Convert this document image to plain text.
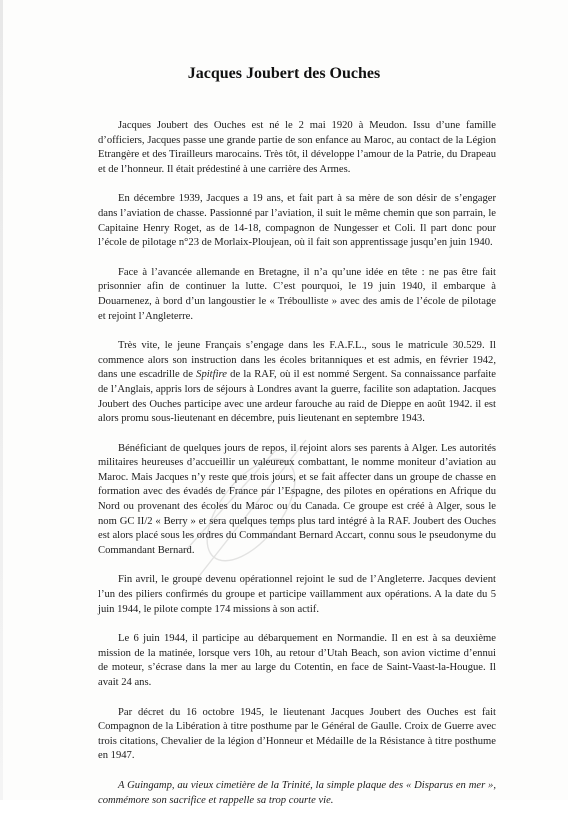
Jacques Joubert des Ouches

Jacques Joubert des Ouches est né le 2 mai 1920 à Meudon. Issu d’une famille d’officiers, Jacques passe une grande partie de son enfance au Maroc, au contact de la Légion Etrangère et des Tirailleurs marocains. Très tôt, il développe l’amour de la Patrie, du Drapeau et de l’honneur. Il était prédestiné à une carrière des Armes.

En décembre 1939, Jacques a 19 ans, et fait part à sa mère de son désir de s’engager dans l’aviation de chasse. Passionné par l’aviation, il suit le même chemin que son parrain, le Capitaine Henry Roget, as de 14-18, compagnon de Nungesser et Coli. Il part donc pour l’école de pilotage n°23 de Morlaix-Ploujean, où il fait son apprentissage jusqu’en juin 1940.

Face à l’avancée allemande en Bretagne, il n’a qu’une idée en tête : ne pas être fait prisonnier afin de continuer la lutte. C’est pourquoi, le 19 juin 1940, il embarque à Douarnenez, à bord d’un langoustier le « Tréboulliste » avec des amis de l’école de pilotage et rejoint l’Angleterre.

Très vite, le jeune Français s’engage dans les F.A.F.L., sous le matricule 30.529. Il commence alors son instruction dans les écoles britanniques et est admis, en février 1942, dans une escadrille de Spitfire de la RAF, où il est nommé Sergent. Sa connaissance parfaite de l’Anglais, appris lors de séjours à Londres avant la guerre, facilite son adaptation. Jacques Joubert des Ouches participe avec une ardeur farouche au raid de Dieppe en août 1942. il est alors promu sous-lieutenant en décembre, puis lieutenant en septembre 1943.

Bénéficiant de quelques jours de repos, il rejoint alors ses parents à Alger. Les autorités militaires heureuses d’accueillir un valeureux combattant, le nomme moniteur d’aviation au Maroc. Mais Jacques n’y reste que trois jours, et se fait affecter dans un groupe de chasse en formation avec des évadés de France par l’Espagne, des pilotes en opérations en Afrique du Nord ou provenant des écoles du Maroc ou du Canada. Ce groupe est créé à Alger, sous le nom GC II/2 « Berry » et sera quelques temps plus tard intégré à la RAF. Joubert des Ouches est alors placé sous les ordres du Commandant Bernard Accart, connu sous le pseudonyme du Commandant Bernard.

Fin avril, le groupe devenu opérationnel rejoint le sud de l’Angleterre. Jacques devient l’un des piliers confirmés du groupe et participe vaillamment aux opérations. A la date du 5 juin 1944, le pilote compte 174 missions à son actif.

Le 6 juin 1944, il participe au débarquement en Normandie. Il en est à sa deuxième mission de la matinée, lorsque vers 10h, au retour d’Utah Beach, son avion victime d’ennui de moteur, s’écrase dans la mer au large du Cotentin, en face de Saint-Vaast-la-Hougue. Il avait 24 ans.

Par décret du 16 octobre 1945, le lieutenant Jacques Joubert des Ouches est fait Compagnon de la Libération à titre posthume par le Général de Gaulle. Croix de Guerre avec trois citations, Chevalier de la légion d’Honneur et Médaille de la Résistance à titre posthume en 1947.

A Guingamp, au vieux cimetière de la Trinité, la simple plaque des « Disparus en mer », commémore son sacrifice et rappelle sa trop courte vie.
